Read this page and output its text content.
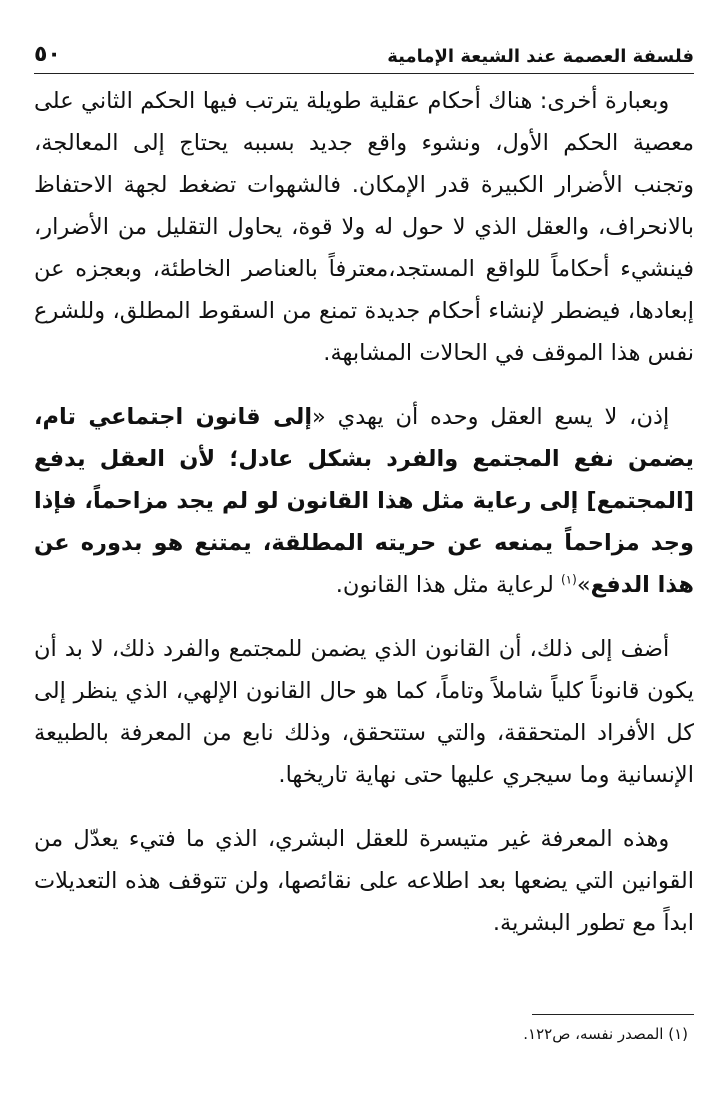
فلسفة العصمة عند الشيعة الإمامية
٥٠

وبعبارة أخرى: هناك أحكام عقلية طويلة يترتب فيها الحكم الثاني على معصية الحكم الأول، ونشوء واقع جديد بسببه يحتاج إلى المعالجة، وتجنب الأضرار الكبيرة قدر الإمكان. فالشهوات تضغط لجهة الاحتفاظ بالانحراف، والعقل الذي لا حول له ولا قوة، يحاول التقليل من الأضرار، فينشيء أحكاماً للواقع المستجد،معترفاً بالعناصر الخاطئة، وبعجزه عن إبعادها، فيضطر لإنشاء أحكام جديدة تمنع من السقوط المطلق، وللشرع نفس هذا الموقف في الحالات المشابهة.

إذن، لا يسع العقل وحده أن يهدي «إلى قانون اجتماعي تام، يضمن نفع المجتمع والفرد بشكل عادل؛ لأن العقل يدفع [المجتمع] إلى رعاية مثل هذا القانون لو لم يجد مزاحماً، فإذا وجد مزاحماً يمنعه عن حريته المطلقة، يمتنع هو بدوره عن هذا الدفع»$^{(١)}$ لرعاية مثل هذا القانون.

أضف إلى ذلك، أن القانون الذي يضمن للمجتمع والفرد ذلك، لا بد أن يكون قانوناً كلياً شاملاً وتاماً، كما هو حال القانون الإلهي، الذي ينظر إلى كل الأفراد المتحققة، والتي ستتحقق، وذلك نابع من المعرفة بالطبيعة الإنسانية وما سيجري عليها حتى نهاية تاريخها.

وهذه المعرفة غير متيسرة للعقل البشري، الذي ما فتيء يعدّل من القوانين التي يضعها بعد اطلاعه على نقائصها، ولن تتوقف هذه التعديلات ابداً مع تطور البشرية.

(١) المصدر نفسه، ص١٢٢.
